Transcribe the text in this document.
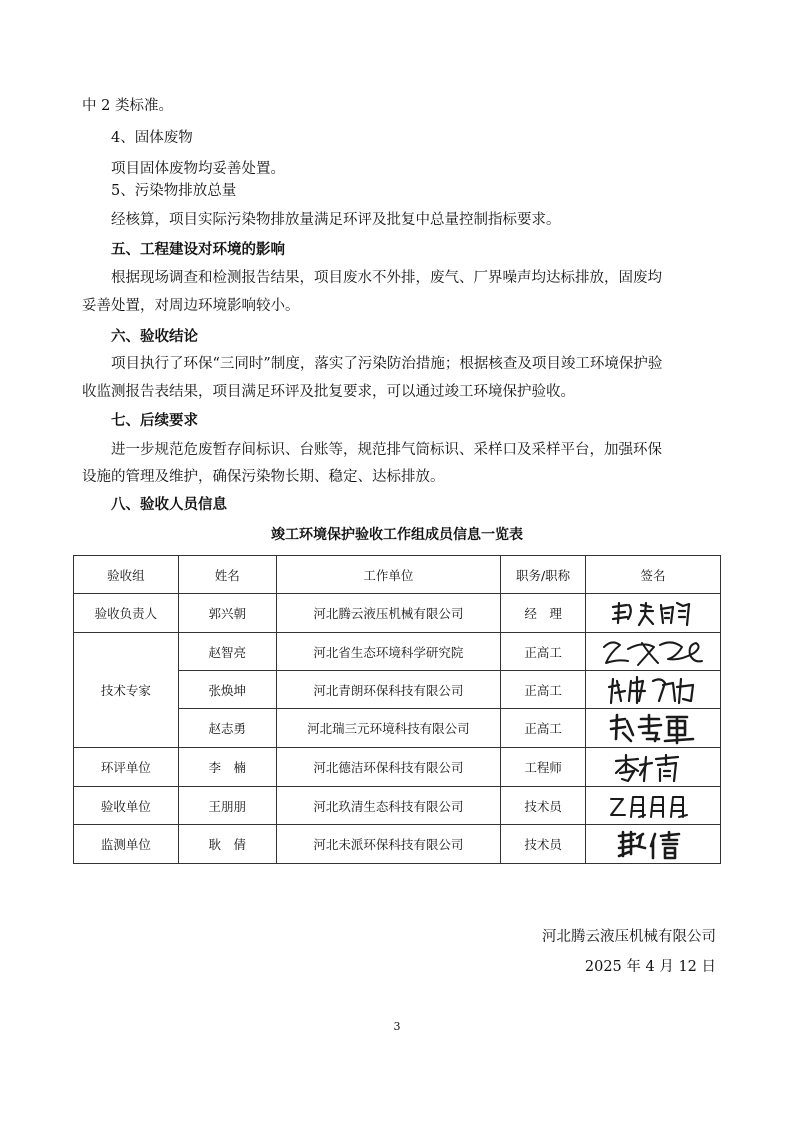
中 2 类标准。
4、固体废物
项目固体废物均妥善处置。
5、污染物排放总量
经核算，项目实际污染物排放量满足环评及批复中总量控制指标要求。
五、工程建设对环境的影响
根据现场调查和检测报告结果，项目废水不外排，废气、厂界噪声均达标排放，固废均
妥善处置，对周边环境影响较小。
六、验收结论
项目执行了环保“三同时”制度，落实了污染防治措施；根据核查及项目竣工环境保护验
收监测报告表结果，项目满足环评及批复要求，可以通过竣工环境保护验收。
七、后续要求
进一步规范危废暂存间标识、台账等，规范排气筒标识、采样口及采样平台，加强环保
设施的管理及维护，确保污染物长期、稳定、达标排放。
八、验收人员信息
竣工环境保护验收工作组成员信息一览表
验收组	姓名	工作单位	职务/职称	签名
验收负责人	郭兴朝	河北腾云液压机械有限公司	经　理	

技术专家	赵智亮	河北省生态环境科学研究院	正高工	

	张焕坤	河北青朗环保科技有限公司	正高工	

	赵志勇	河北瑞三元环境科技有限公司	正高工	

环评单位	李　楠	河北德洁环保科技有限公司	工程师	

验收单位	王朋朋	河北玖清生态科技有限公司	技术员	

监测单位	耿　倩	河北未派环保科技有限公司	技术员	
河北腾云液压机械有限公司
2025 年 4 月 12 日
3
